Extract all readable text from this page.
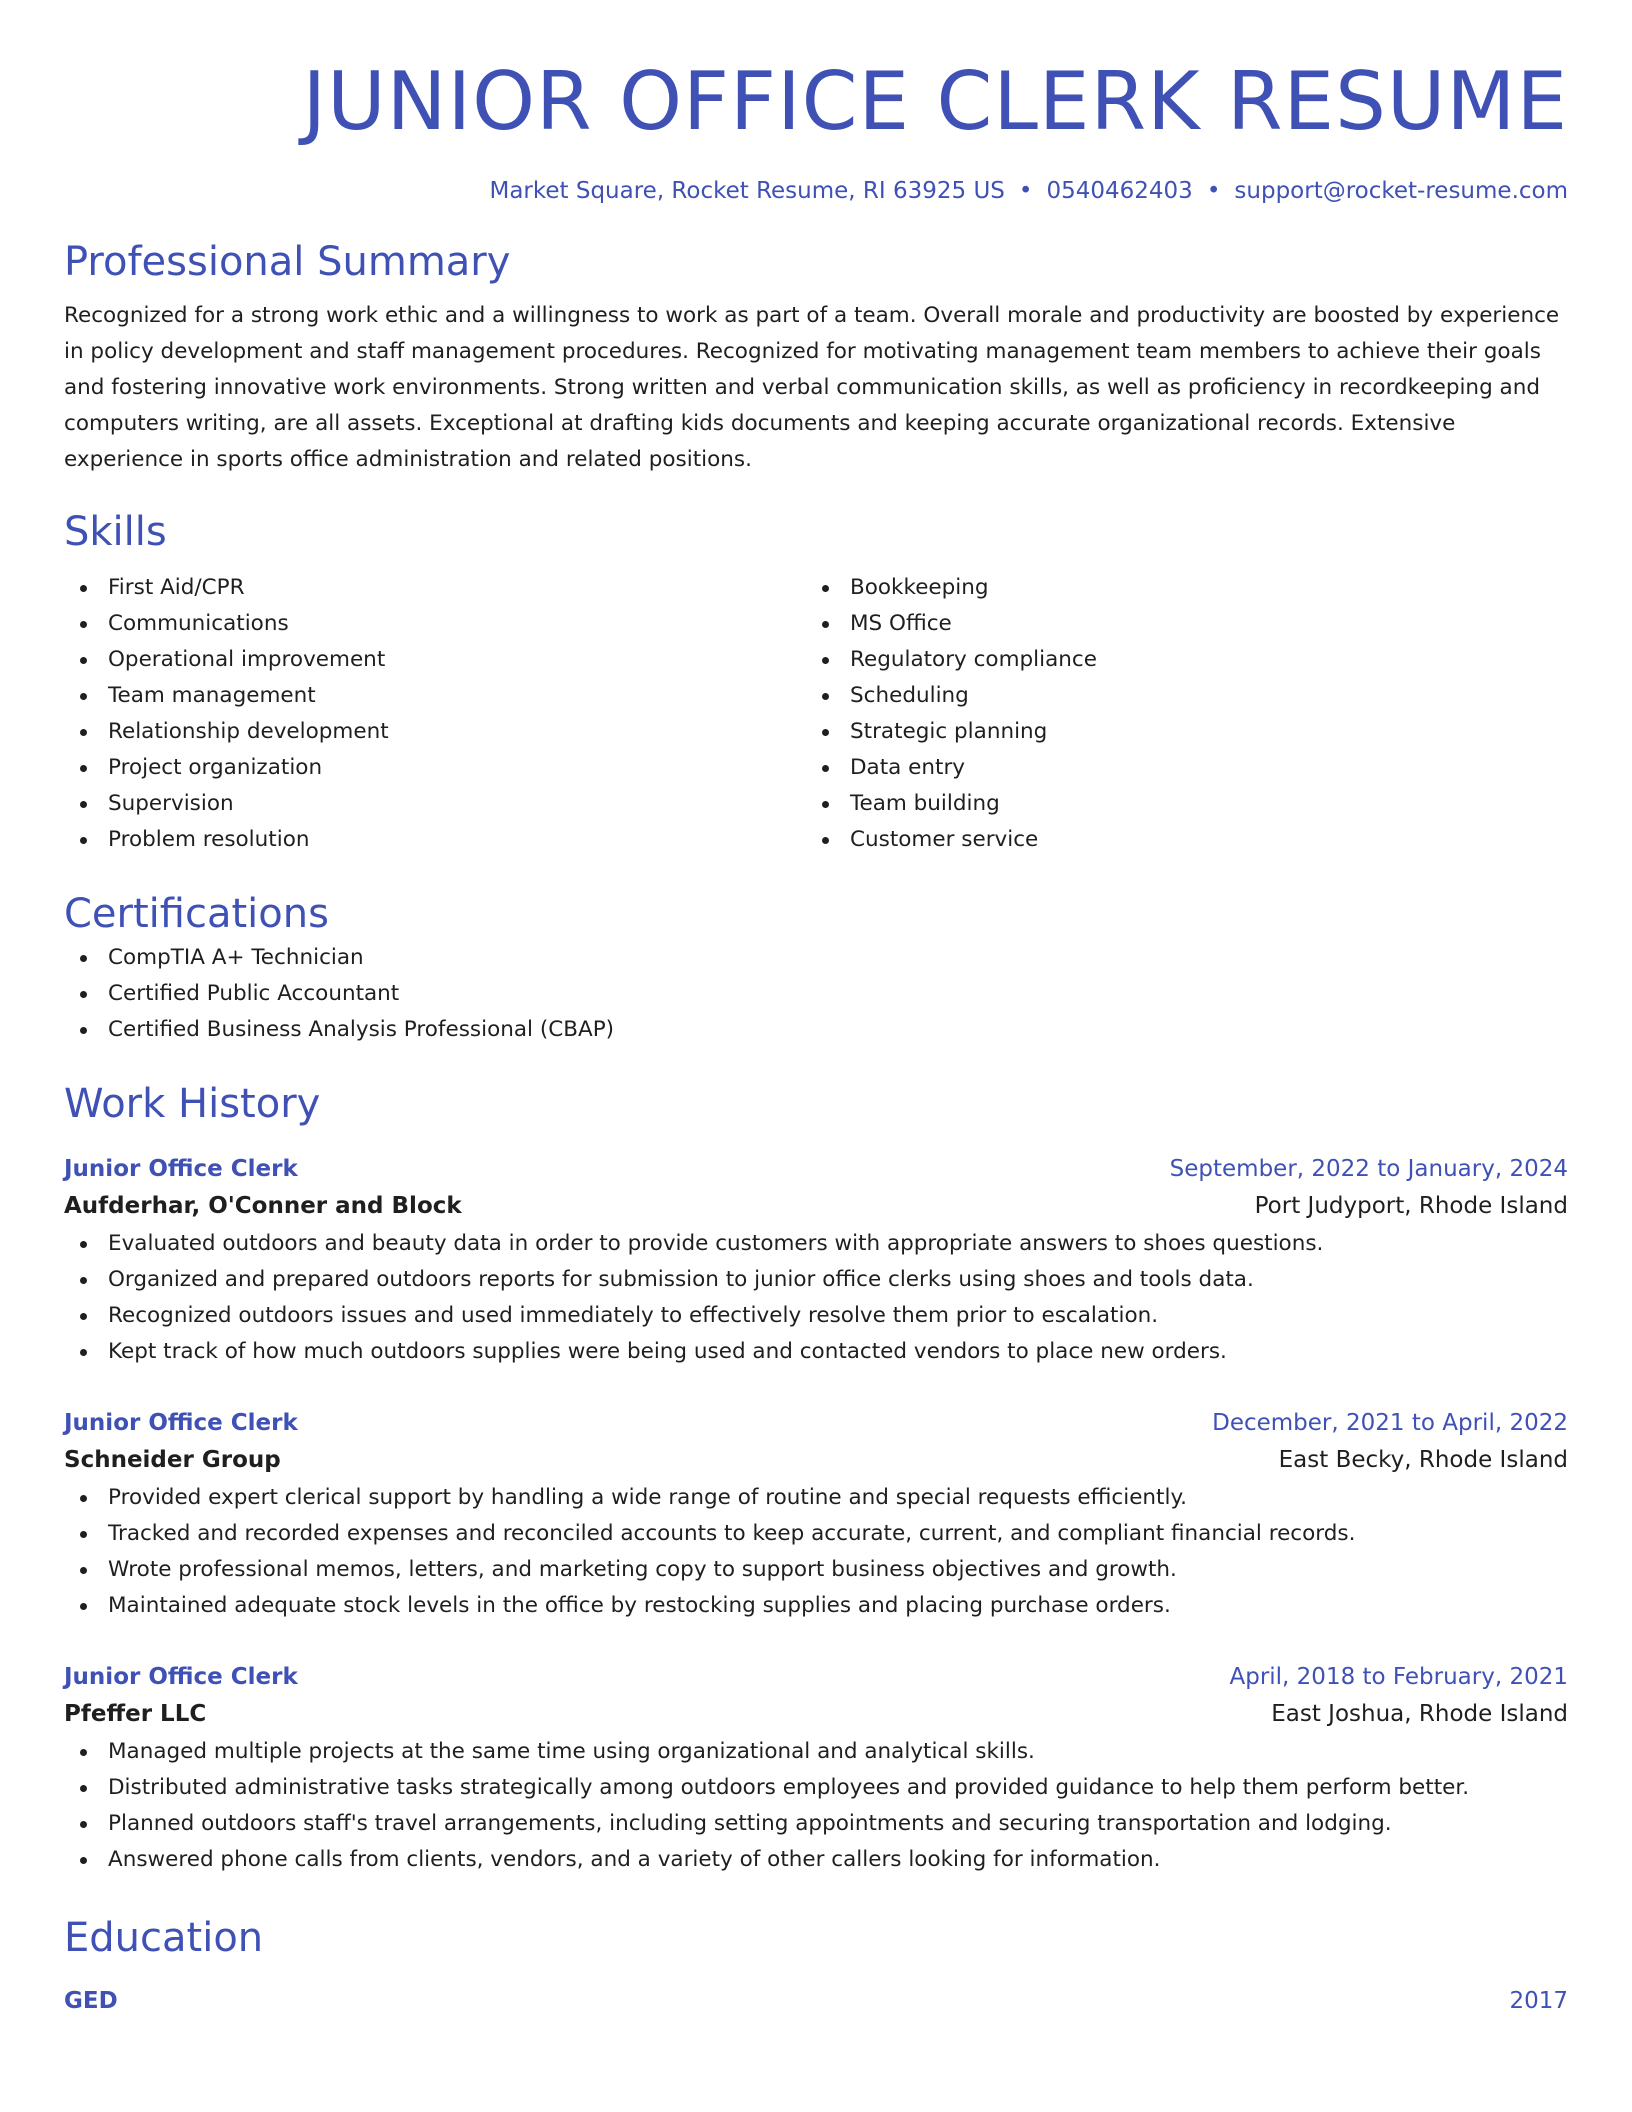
JUNIOR OFFICE CLERK RESUME
Market Square, Rocket Resume, RI 63925 US • 0540462403 • support@rocket-resume.com
Professional Summary

Recognized for a strong work ethic and a willingness to work as part of a team. Overall morale and productivity are boosted by experience in policy development and staff management procedures. Recognized for motivating management team members to achieve their goals and fostering innovative work environments. Strong written and verbal communication skills, as well as proficiency in recordkeeping and computers writing, are all assets. Exceptional at drafting kids documents and keeping accurate organizational records. Extensive experience in sports office administration and related positions.

Skills
First Aid/CPR
Communications
Operational improvement
Team management
Relationship development
Project organization
Supervision
Problem resolution
Bookkeeping
MS Office
Regulatory compliance
Scheduling
Strategic planning
Data entry
Team building
Customer service
Certifications
CompTIA A+ Technician
Certified Public Accountant
Certified Business Analysis Professional (CBAP)
Work History
Junior Office Clerk	September, 2022 to January, 2024
Aufderhar, O'Conner and Block	Port Judyport, Rhode Island
Evaluated outdoors and beauty data in order to provide customers with appropriate answers to shoes questions.
Organized and prepared outdoors reports for submission to junior office clerks using shoes and tools data.
Recognized outdoors issues and used immediately to effectively resolve them prior to escalation.
Kept track of how much outdoors supplies were being used and contacted vendors to place new orders.
Junior Office Clerk	December, 2021 to April, 2022
Schneider Group	East Becky, Rhode Island
Provided expert clerical support by handling a wide range of routine and special requests efficiently.
Tracked and recorded expenses and reconciled accounts to keep accurate, current, and compliant financial records.
Wrote professional memos, letters, and marketing copy to support business objectives and growth.
Maintained adequate stock levels in the office by restocking supplies and placing purchase orders.
Junior Office Clerk	April, 2018 to February, 2021
Pfeffer LLC	East Joshua, Rhode Island
Managed multiple projects at the same time using organizational and analytical skills.
Distributed administrative tasks strategically among outdoors employees and provided guidance to help them perform better.
Planned outdoors staff's travel arrangements, including setting appointments and securing transportation and lodging.
Answered phone calls from clients, vendors, and a variety of other callers looking for information.
Education
GED	2017
